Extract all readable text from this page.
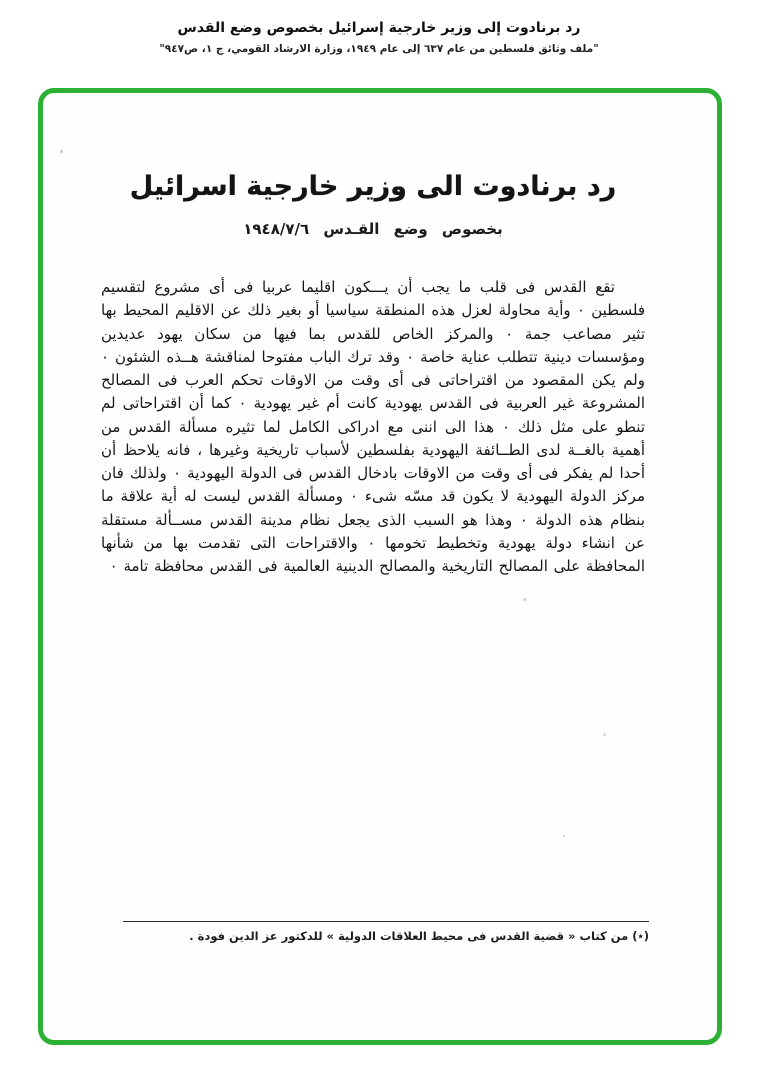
رد برنادوت إلى وزير خارجية إسرائيل بخصوص وضع القدس
"ملف وثائق فلسطين من عام ٦٣٧ إلى عام ١٩٤٩، وزارة الارشاد القومي، ج ١، ص٩٤٧"
رد برنادوت الى وزير خارجية اسرائيل
بخصوص وضع القـدس ١٩٤٨/٧/٦

تقع القدس فى قلب ما يجب أن يـــكون اقليما عربيا فى أى مشروع لتقسيم فلسطين ٠ وأية محاولة لعزل هذه المنطقة سياسيا أو بغير ذلك عن الاقليم المحيط بها تثير مصاعب جمة ٠ والمركز الخاص للقدس بما فيها من سكان يهود عديدين ومؤسسات دينية تتطلب عناية خاصة ٠ وقد ترك الباب مفتوحا لمناقشة هــذه الشئون ٠ ولم يكن المقصود من اقتراحاتى فى أى وقت من الاوقات تحكم العرب فى المصالح المشروعة غير العربية فى القدس يهودية كانت أم غير يهودية ٠ كما أن اقتراحاتى لم تنطو على مثل ذلك ٠ هذا الى اننى مع ادراكى الكامل لما تثيره مسألة القدس من أهمية بالغــة لدى الطــائفة اليهودية بفلسطين لأسباب تاريخية وغيرها ، فانه يلاحظ أن أحدا لم يفكر فى أى وقت من الاوقات بادخال القدس فى الدولة اليهودية ٠ ولذلك فان مركز الدولة اليهودية لا يكون قد مسّه شىء ٠ ومسألة القدس ليست له أية علاقة ما بنظام هذه الدولة ٠ وهذا هو السبب الذى يجعل نظام مدينة القدس مســألة مستقلة عن انشاء دولة يهودية وتخطيط تخومها ٠ والاقتراحات التى تقدمت بها من شأنها المحافظة على المصالح التاريخية والمصالح الدينية العالمية فى القدس محافظة تامة ٠

(٭) من كتاب « قضية القدس فى محيط العلاقات الدولية » للدكتور عز الدين فودة .
